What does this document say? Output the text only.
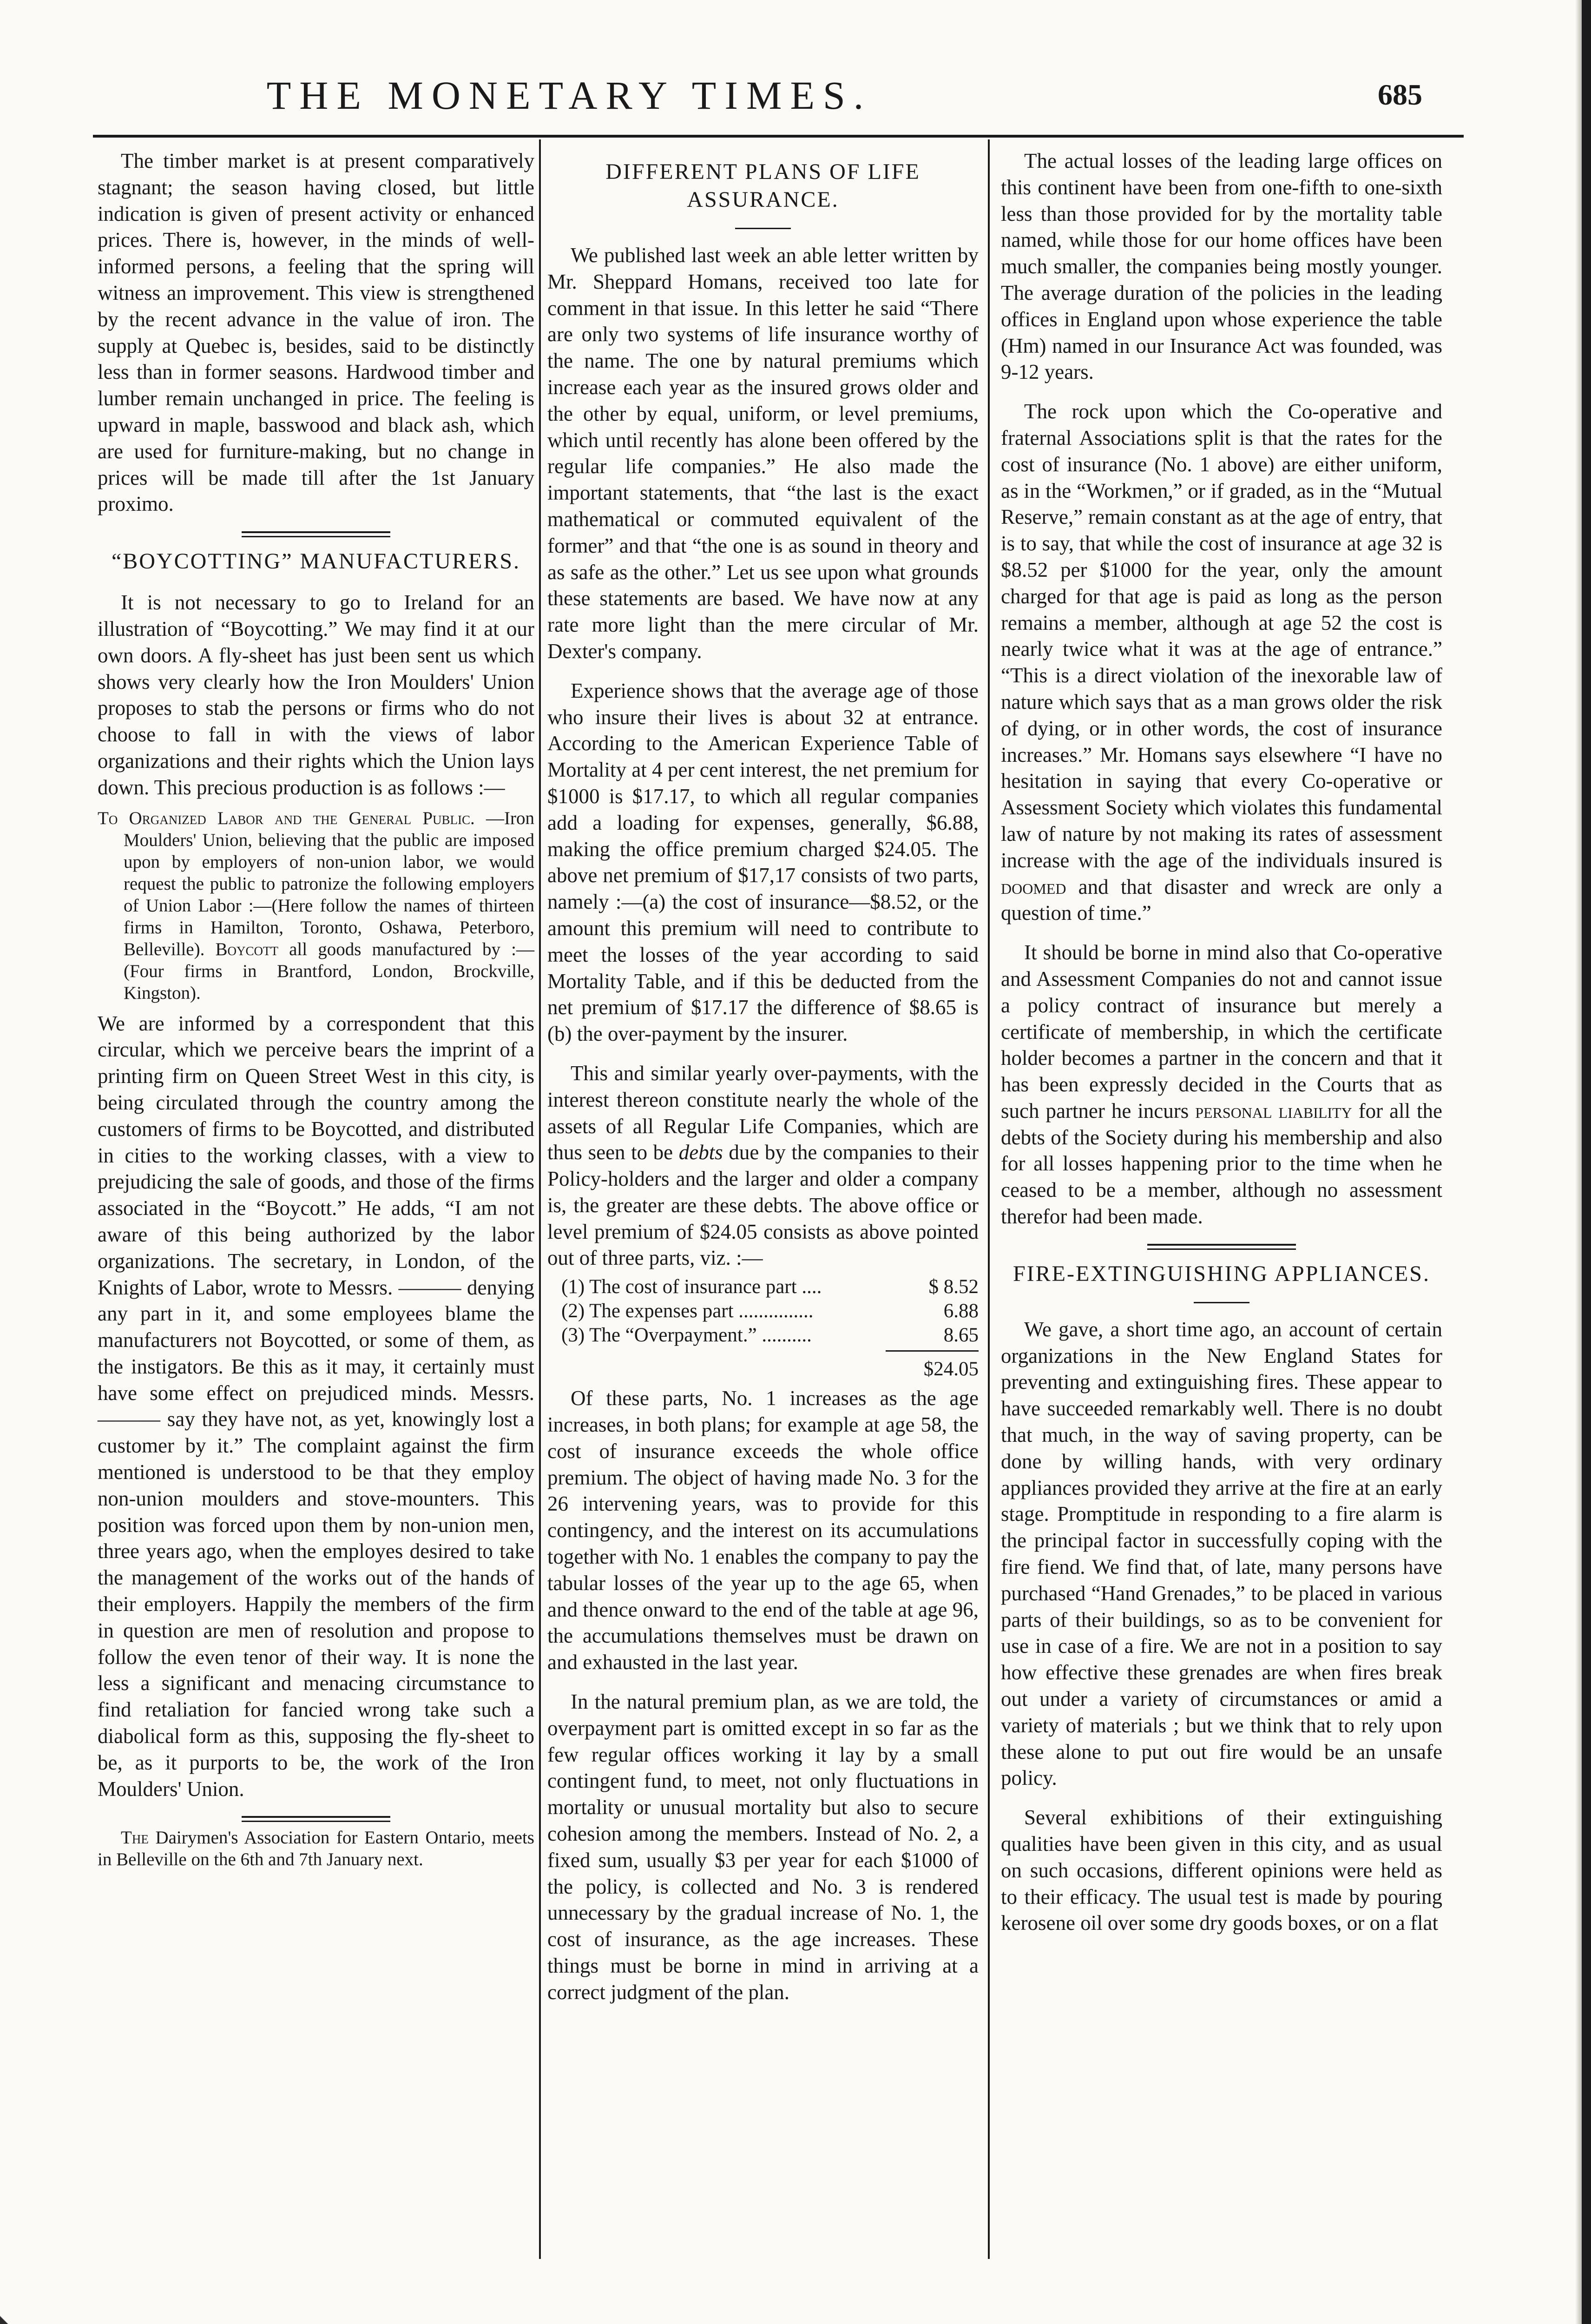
THE MONETARY TIMES.	685

The timber market is at present comparatively stagnant; the season having closed, but little indication is given of present activity or enhanced prices. There is, however, in the minds of well-informed persons, a feeling that the spring will witness an improvement. This view is strengthened by the recent advance in the value of iron. The supply at Quebec is, besides, said to be distinctly less than in former seasons. Hardwood timber and lumber remain unchanged in price. The feeling is upward in maple, basswood and black ash, which are used for furniture-making, but no change in prices will be made till after the 1st January proximo.

“BOYCOTTING” MANUFACTURERS.

It is not necessary to go to Ireland for an illustration of “Boycotting.” We may find it at our own doors. A fly-sheet has just been sent us which shows very clearly how the Iron Moulders' Union proposes to stab the persons or firms who do not choose to fall in with the views of labor organizations and their rights which the Union lays down. This precious production is as follows :—

To Organized Labor and the General Public. —Iron Moulders' Union, believing that the public are imposed upon by employers of non-union labor, we would request the public to patronize the following employers of Union Labor :—(Here follow the names of thirteen firms in Hamilton, Toronto, Oshawa, Peterboro, Belleville). Boycott all goods manufactured by :—(Four firms in Brantford, London, Brockville, Kingston).

We are informed by a correspondent that this circular, which we perceive bears the imprint of a printing firm on Queen Street West in this city, is being circulated through the country among the customers of firms to be Boycotted, and distributed in cities to the working classes, with a view to prejudicing the sale of goods, and those of the firms associated in the “Boycott.” He adds, “I am not aware of this being authorized by the labor organizations. The secretary, in London, of the Knights of Labor, wrote to Messrs. ——— denying any part in it, and some employees blame the manufacturers not Boycotted, or some of them, as the instigators. Be this as it may, it certainly must have some effect on prejudiced minds. Messrs. ——— say they have not, as yet, knowingly lost a customer by it.” The complaint against the firm mentioned is understood to be that they employ non-union moulders and stove-mounters. This position was forced upon them by non-union men, three years ago, when the employes desired to take the management of the works out of the hands of their employers. Happily the members of the firm in question are men of resolution and propose to follow the even tenor of their way. It is none the less a significant and menacing circumstance to find retaliation for fancied wrong take such a diabolical form as this, supposing the fly-sheet to be, as it purports to be, the work of the Iron Moulders' Union.

The Dairymen's Association for Eastern Ontario, meets in Belleville on the 6th and 7th January next.

DIFFERENT PLANS OF LIFE ASSURANCE.

We published last week an able letter written by Mr. Sheppard Homans, received too late for comment in that issue. In this letter he said “There are only two systems of life insurance worthy of the name. The one by natural premiums which increase each year as the insured grows older and the other by equal, uniform, or level premiums, which until recently has alone been offered by the regular life companies.” He also made the important statements, that “the last is the exact mathematical or commuted equivalent of the former” and that “the one is as sound in theory and as safe as the other.” Let us see upon what grounds these statements are based. We have now at any rate more light than the mere circular of Mr. Dexter's company.

Experience shows that the average age of those who insure their lives is about 32 at entrance. According to the American Experience Table of Mortality at 4 per cent interest, the net premium for $1000 is $17.17, to which all regular companies add a loading for expenses, generally, $6.88, making the office premium charged $24.05. The above net premium of $17,17 consists of two parts, namely :—(a) the cost of insurance—$8.52, or the amount this premium will need to contribute to meet the losses of the year according to said Mortality Table, and if this be deducted from the net premium of $17.17 the difference of $8.65 is (b) the over-payment by the insurer.

This and similar yearly over-payments, with the interest thereon constitute nearly the whole of the assets of all Regular Life Companies, which are thus seen to be debts due by the companies to their Policy-holders and the larger and older a company is, the greater are these debts. The above office or level premium of $24.05 consists as above pointed out of three parts, viz. :—

(1) The cost of insurance part ....	$ 8.52
(2) The expenses part ...............	6.88
(3) The “Overpayment.” ..........	8.65
$24.05

Of these parts, No. 1 increases as the age increases, in both plans; for example at age 58, the cost of insurance exceeds the whole office premium. The object of having made No. 3 for the 26 intervening years, was to provide for this contingency, and the interest on its accumulations together with No. 1 enables the company to pay the tabular losses of the year up to the age 65, when and thence onward to the end of the table at age 96, the accumulations themselves must be drawn on and exhausted in the last year.

In the natural premium plan, as we are told, the overpayment part is omitted except in so far as the few regular offices working it lay by a small contingent fund, to meet, not only fluctuations in mortality or unusual mortality but also to secure cohesion among the members. Instead of No. 2, a fixed sum, usually $3 per year for each $1000 of the policy, is collected and No. 3 is rendered unnecessary by the gradual increase of No. 1, the cost of insurance, as the age increases. These things must be borne in mind in arriving at a correct judgment of the plan.

The actual losses of the leading large offices on this continent have been from one-fifth to one-sixth less than those provided for by the mortality table named, while those for our home offices have been much smaller, the companies being mostly younger. The average duration of the policies in the leading offices in England upon whose experience the table (Hm) named in our Insurance Act was founded, was 9-12 years.

The rock upon which the Co-operative and fraternal Associations split is that the rates for the cost of insurance (No. 1 above) are either uniform, as in the “Workmen,” or if graded, as in the “Mutual Reserve,” remain constant as at the age of entry, that is to say, that while the cost of insurance at age 32 is $8.52 per $1000 for the year, only the amount charged for that age is paid as long as the person remains a member, although at age 52 the cost is nearly twice what it was at the age of entrance.” “This is a direct violation of the inexorable law of nature which says that as a man grows older the risk of dying, or in other words, the cost of insurance increases.” Mr. Homans says elsewhere “I have no hesitation in saying that every Co-operative or Assessment Society which violates this fundamental law of nature by not making its rates of assessment increase with the age of the individuals insured is doomed and that disaster and wreck are only a question of time.”

It should be borne in mind also that Co-operative and Assessment Companies do not and cannot issue a policy contract of insurance but merely a certificate of membership, in which the certificate holder becomes a partner in the concern and that it has been expressly decided in the Courts that as such partner he incurs personal liability for all the debts of the Society during his membership and also for all losses happening prior to the time when he ceased to be a member, although no assessment therefor had been made.

FIRE-EXTINGUISHING APPLIANCES.

We gave, a short time ago, an account of certain organizations in the New England States for preventing and extinguishing fires. These appear to have succeeded remarkably well. There is no doubt that much, in the way of saving property, can be done by willing hands, with very ordinary appliances provided they arrive at the fire at an early stage. Promptitude in responding to a fire alarm is the principal factor in successfully coping with the fire fiend. We find that, of late, many persons have purchased “Hand Grenades,” to be placed in various parts of their buildings, so as to be convenient for use in case of a fire. We are not in a position to say how effective these grenades are when fires break out under a variety of circumstances or amid a variety of materials ; but we think that to rely upon these alone to put out fire would be an unsafe policy.

Several exhibitions of their extinguishing qualities have been given in this city, and as usual on such occasions, different opinions were held as to their efficacy. The usual test is made by pouring kerosene oil over some dry goods boxes, or on a flat
